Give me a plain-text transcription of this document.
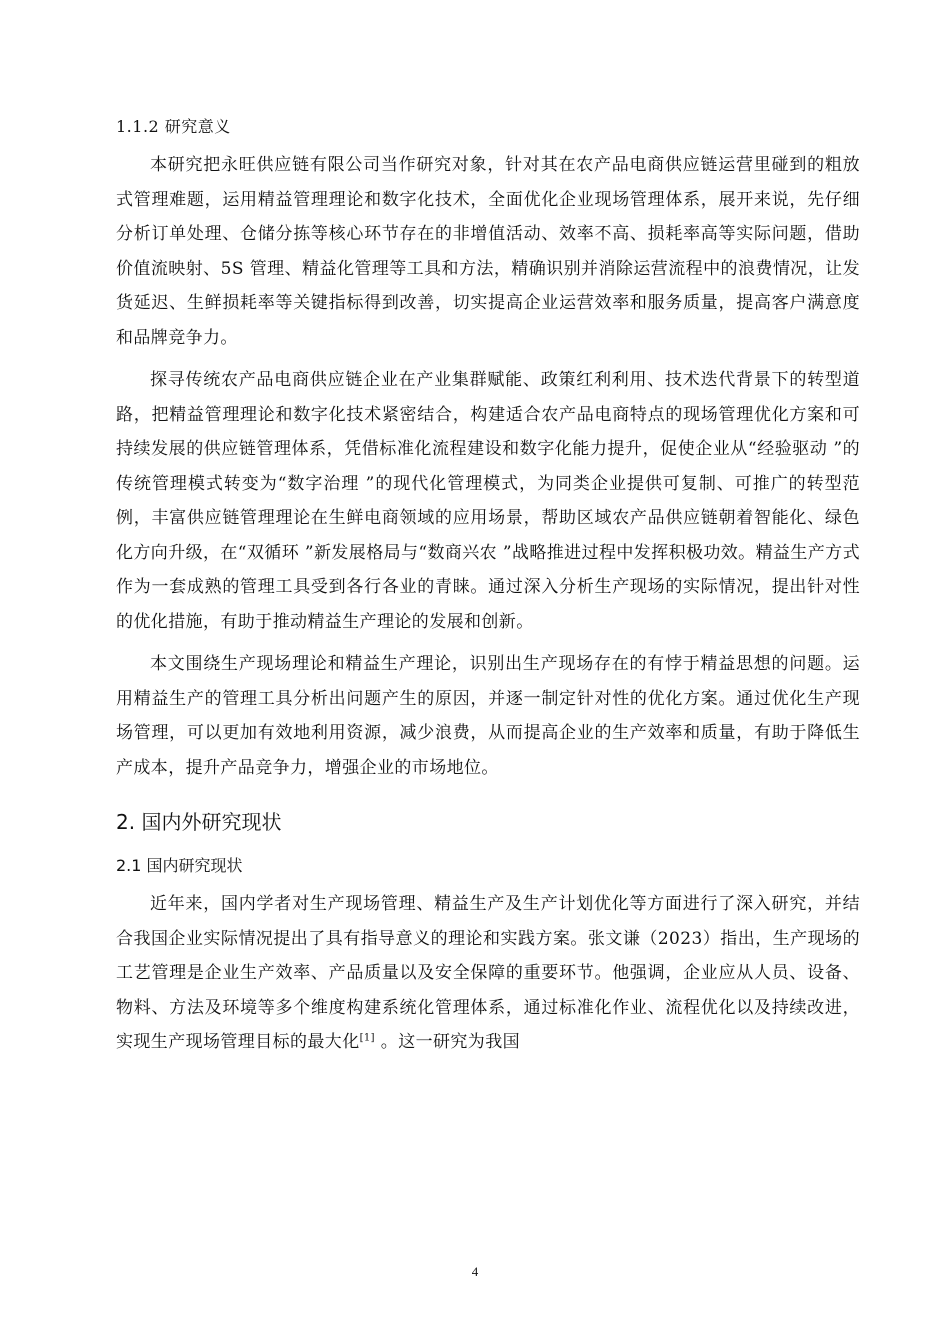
1.1.2 研究意义

本研究把永旺供应链有限公司当作研究对象，针对其在农产品电商供应链运营里碰到的粗放式管理难题，运用精益管理理论和数字化技术，全面优化企业现场管理体系，展开来说，先仔细分析订单处理、仓储分拣等核心环节存在的非增值活动、效率不高、损耗率高等实际问题，借助价值流映射、5S 管理、精益化管理等工具和方法，精确识别并消除运营流程中的浪费情况，让发货延迟、生鲜损耗率等关键指标得到改善，切实提高企业运营效率和服务质量，提高客户满意度和品牌竞争力。

探寻传统农产品电商供应链企业在产业集群赋能、政策红利利用、技术迭代背景下的转型道路，把精益管理理论和数字化技术紧密结合，构建适合农产品电商特点的现场管理优化方案和可持续发展的供应链管理体系，凭借标准化流程建设和数字化能力提升，促使企业从“经验驱动 ”的传统管理模式转变为“数字治理 ”的现代化管理模式，为同类企业提供可复制、可推广的转型范例，丰富供应链管理理论在生鲜电商领域的应用场景，帮助区域农产品供应链朝着智能化、绿色化方向升级，在“双循环 ”新发展格局与“数商兴农 ”战略推进过程中发挥积极功效。精益生产方式作为一套成熟的管理工具受到各行各业的青睐。通过深入分析生产现场的实际情况，提出针对性的优化措施，有助于推动精益生产理论的发展和创新。

本文围绕生产现场理论和精益生产理论，识别出生产现场存在的有悖于精益思想的问题。运用精益生产的管理工具分析出问题产生的原因，并逐一制定针对性的优化方案。通过优化生产现场管理，可以更加有效地利用资源，减少浪费，从而提高企业的生产效率和质量，有助于降低生产成本，提升产品竞争力，增强企业的市场地位。

2. 国内外研究现状
2.1 国内研究现状

近年来，国内学者对生产现场管理、精益生产及生产计划优化等方面进行了深入研究，并结合我国企业实际情况提出了具有指导意义的理论和实践方案。张文谦（2023）指出，生产现场的工艺管理是企业生产效率、产品质量以及安全保障的重要环节。他强调，企业应从人员、设备、物料、方法及环境等多个维度构建系统化管理体系，通过标准化作业、流程优化以及持续改进，实现生产现场管理目标的最大化[1] 。这一研究为我国

4
